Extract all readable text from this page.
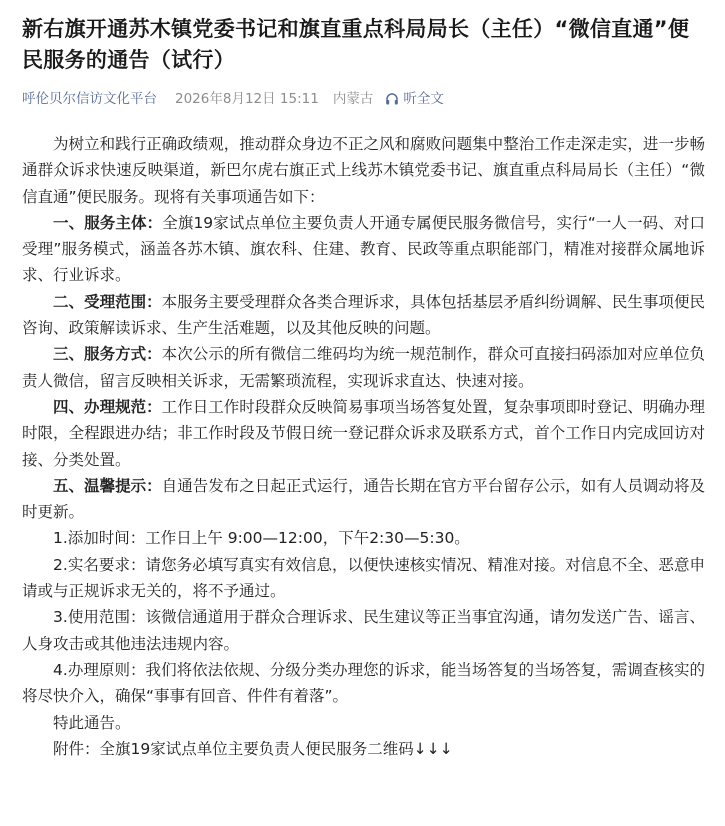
新右旗开通苏木镇党委书记和旗直重点科局局长（主任）“微信直通”便民服务的通告（试行）
呼伦贝尔信访文化平台 2026年8月12日 15:11 内蒙古 听全文

为树立和践行正确政绩观，推动群众身边不正之风和腐败问题集中整治工作走深走实，进一步畅通群众诉求快速反映渠道，新巴尔虎右旗正式上线苏木镇党委书记、旗直重点科局局长（主任）“微信直通”便民服务。现将有关事项通告如下：

一、服务主体：全旗19家试点单位主要负责人开通专属便民服务微信号，实行“一人一码、对口受理”服务模式，涵盖各苏木镇、旗农科、住建、教育、民政等重点职能部门，精准对接群众属地诉求、行业诉求。

二、受理范围：本服务主要受理群众各类合理诉求，具体包括基层矛盾纠纷调解、民生事项便民咨询、政策解读诉求、生产生活难题，以及其他反映的问题。

三、服务方式：本次公示的所有微信二维码均为统一规范制作，群众可直接扫码添加对应单位负责人微信，留言反映相关诉求，无需繁琐流程，实现诉求直达、快速对接。

四、办理规范：工作日工作时段群众反映简易事项当场答复处置，复杂事项即时登记、明确办理时限，全程跟进办结；非工作时段及节假日统一登记群众诉求及联系方式，首个工作日内完成回访对接、分类处置。

五、温馨提示：自通告发布之日起正式运行，通告长期在官方平台留存公示，如有人员调动将及时更新。

1.添加时间：工作日上午 9:00—12:00，下午2:30—5:30。

2.实名要求：请您务必填写真实有效信息，以便快速核实情况、精准对接。对信息不全、恶意申请或与正规诉求无关的，将不予通过。

3.使用范围：该微信通道用于群众合理诉求、民生建议等正当事宜沟通，请勿发送广告、谣言、人身攻击或其他违法违规内容。

4.办理原则：我们将依法依规、分级分类办理您的诉求，能当场答复的当场答复，需调查核实的将尽快介入，确保“事事有回音、件件有着落”。

特此通告。

附件：全旗19家试点单位主要负责人便民服务二维码↓↓↓
